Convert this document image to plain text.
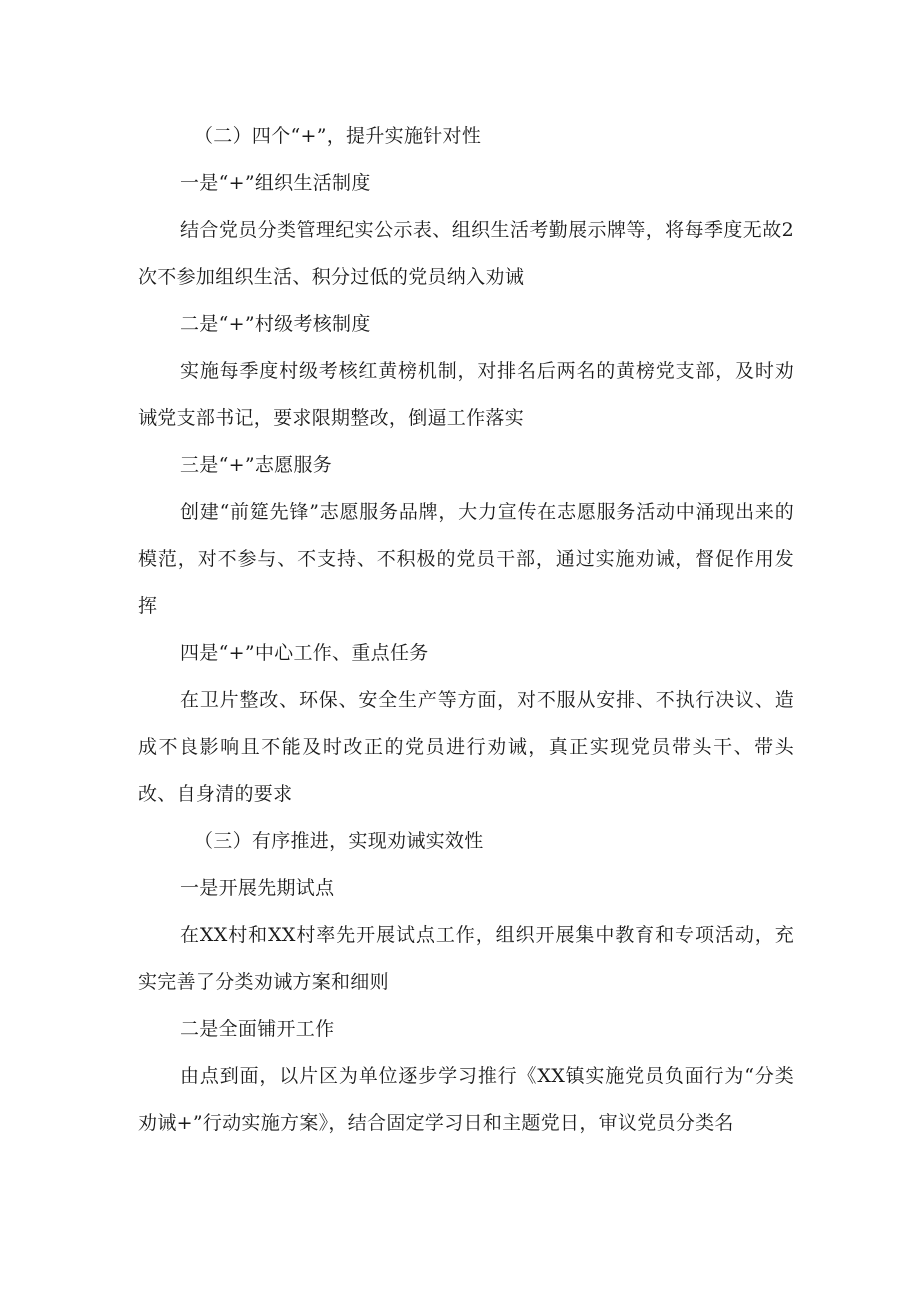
（二）四个“+”，提升实施针对性

一是“+”组织生活制度

结合党员分类管理纪实公示表、组织生活考勤展示牌等，将每季度无故2次不参加组织生活、积分过低的党员纳入劝诫

二是“+”村级考核制度

实施每季度村级考核红黄榜机制，对排名后两名的黄榜党支部，及时劝诫党支部书记，要求限期整改，倒逼工作落实

三是“+”志愿服务

创建“前筵先锋”志愿服务品牌，大力宣传在志愿服务活动中涌现出来的模范，对不参与、不支持、不积极的党员干部，通过实施劝诫，督促作用发挥

四是“+”中心工作、重点任务

在卫片整改、环保、安全生产等方面，对不服从安排、不执行决议、造成不良影响且不能及时改正的党员进行劝诫，真正实现党员带头干、带头改、自身清的要求

（三）有序推进，实现劝诫实效性

一是开展先期试点

在XX村和XX村率先开展试点工作，组织开展集中教育和专项活动，充实完善了分类劝诫方案和细则

二是全面铺开工作

由点到面，以片区为单位逐步学习推行《XX镇实施党员负面行为“分类劝诫+”行动实施方案》，结合固定学习日和主题党日，审议党员分类名
